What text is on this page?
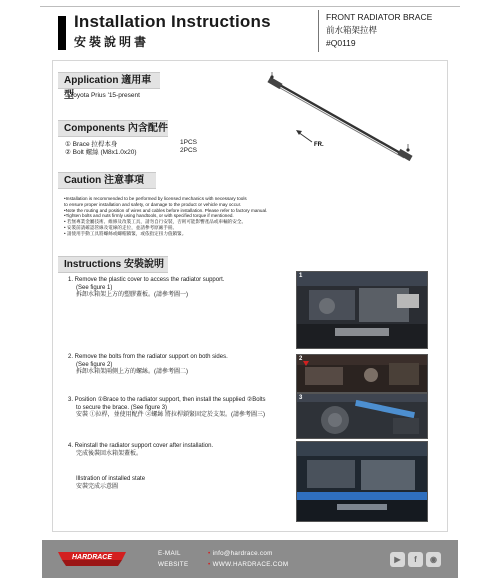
Installation Instructions
安裝說明書
FRONT RADIATOR BRACE
前水箱架拉桿
#Q0119
Application 適用車型
Toyota Prius '15-present
Components 內含配件
① Brace 拉桿本身	1PCS
② Bolt 螺絲 (M8x1.0x20)	2PCS
FR.
Caution 注意事項
•Installation is recommended to be performed by licensed mechanics with necessary tools
to ensure proper installation and safety, or damage to the product or vehicle may occur.
•Note the routing and position of wires and cables before installation. Please refer to factory manual.
•Tighten bolts and nuts firmly using handtools, or with specified torque if mentioned.
• 若無專業金屬技術、維修及改裝工具，請勿自行安裝，否則可能影響產品或車輛的安全。
• 安裝前請確認管線及電線的走位，並請參考原廠手冊。
• 請使用手動工具將螺絲或螺帽鎖緊，或依指定扭力值鎖緊。
Instructions 安裝說明
1. Remove the plastic cover to access the radiator support.
(See figure 1)
拆卸水箱架上方的塑膠蓋板。(請參考圖一)
2. Remove the bolts from the radiator support on both sides.
(See figure 2)
拆卸水箱架兩側上方的螺絲。(請參考圖二)
3. Position ①Brace to the radiator support, then install the supplied ②Bolts
to secure the brace. (See figure 3)
安裝 ①拉桿，並使用配件 ②螺絲 將拉桿鎖緊固定於支架。(請參考圖三)
4. Reinstall the radiator support cover after installation.
完成後裝回水箱架蓋板。
Illstration of installed state
安裝完成示意圖
1
2
3
HARDRACE
E-MAIL	• info@hardrace.com
WEBSITE	• WWW.HARDRACE.COM
▶	f	◉
